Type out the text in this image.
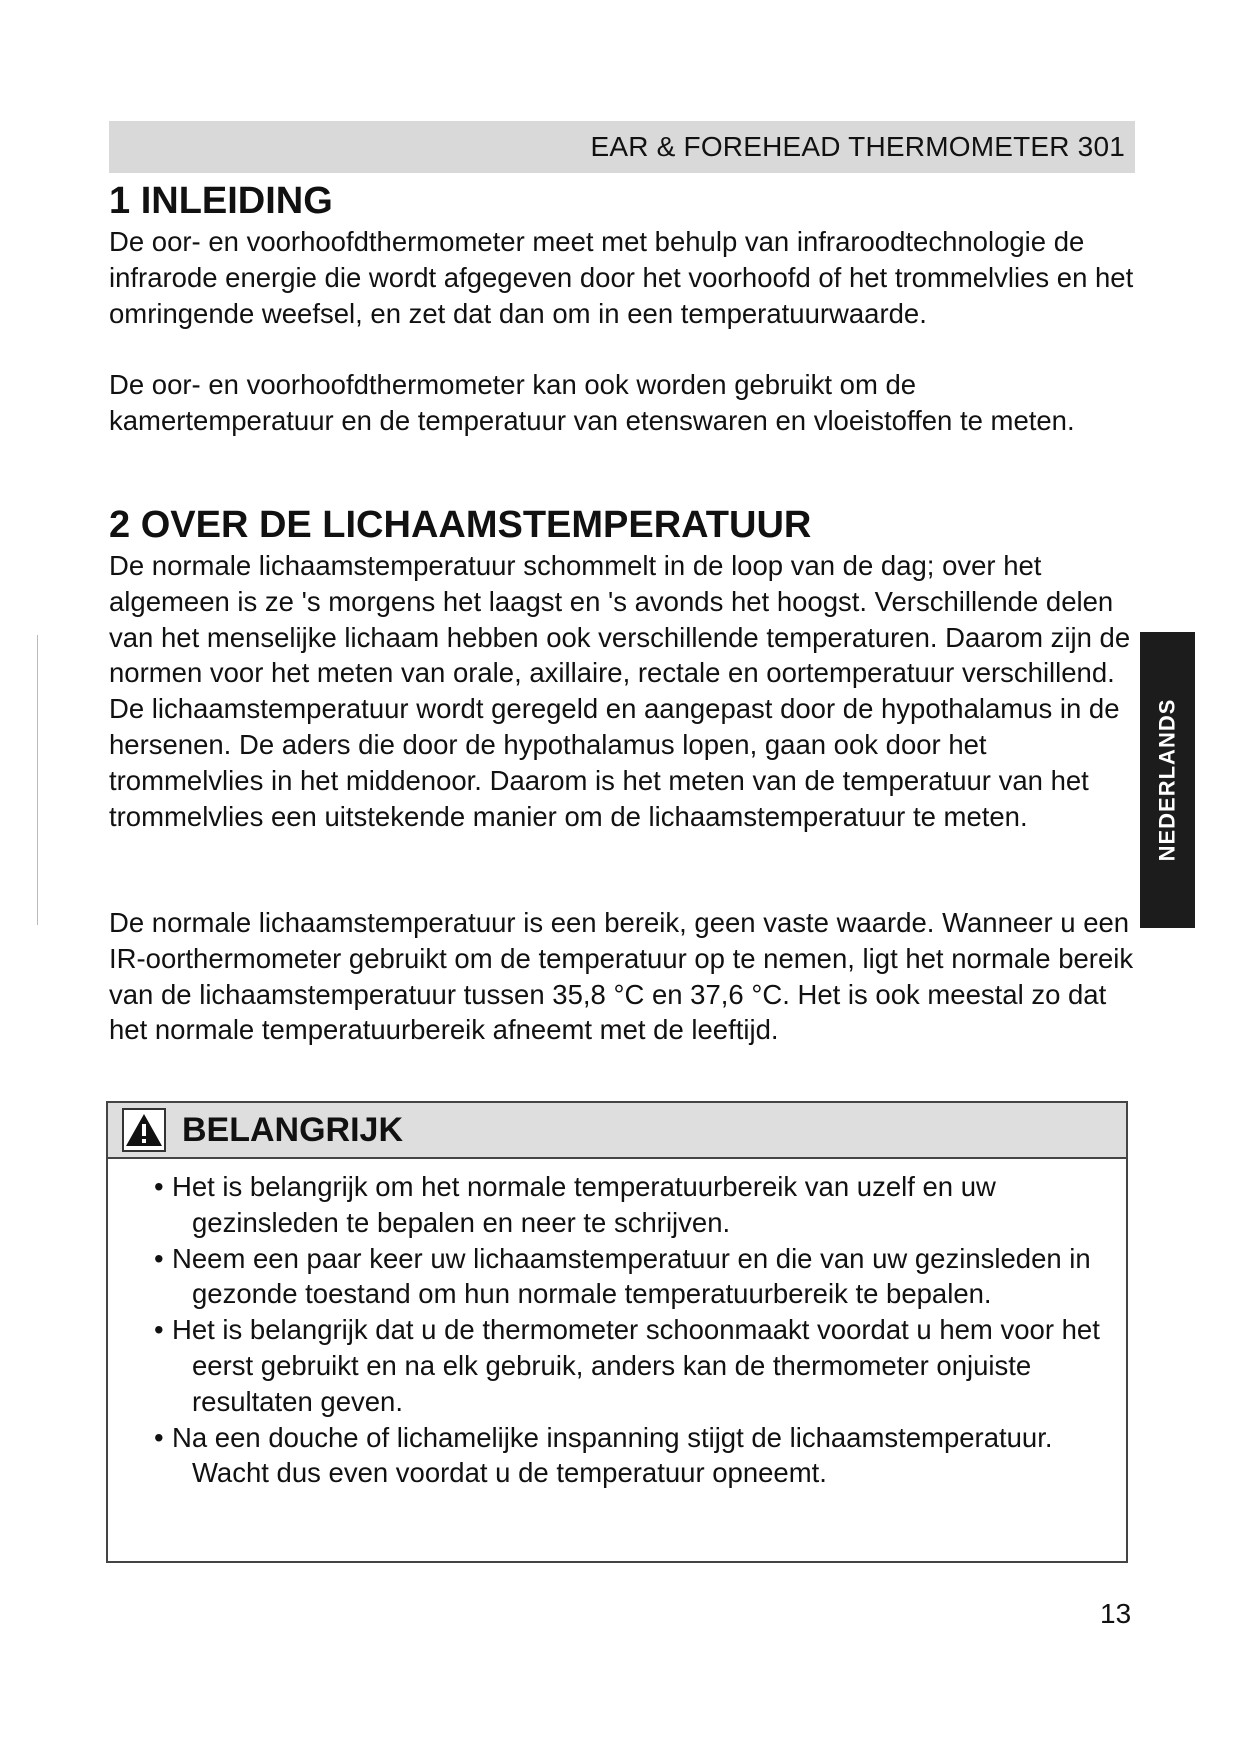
EAR & FOREHEAD THERMOMETER 301
1 INLEIDING

De oor- en voorhoofdthermometer meet met behulp van infraroodtechnologie de infrarode energie die wordt afgegeven door het voorhoofd of het trommelvlies en het omringende weefsel, en zet dat dan om in een temperatuurwaarde.

De oor- en voorhoofdthermometer kan ook worden gebruikt om de kamertemperatuur en de temperatuur van etenswaren en vloeistoffen te meten.

2 OVER DE LICHAAMSTEMPERATUUR

De normale lichaamstemperatuur schommelt in de loop van de dag; over het algemeen is ze 's morgens het laagst en 's avonds het hoogst. Verschillende delen van het menselijke lichaam hebben ook verschillende temperaturen. Daarom zijn de normen voor het meten van orale, axillaire, rectale en oortemperatuur verschillend. De lichaamstemperatuur wordt geregeld en aangepast door de hypothalamus in de hersenen. De aders die door de hypothalamus lopen, gaan ook door het trommelvlies in het middenoor. Daarom is het meten van de temperatuur van het trommelvlies een uitstekende manier om de lichaamstemperatuur te meten.

De normale lichaamstemperatuur is een bereik, geen vaste waarde. Wanneer u een IR-oorthermometer gebruikt om de temperatuur op te nemen, ligt het normale bereik van de lichaamstemperatuur tussen 35,8 °C en 37,6 °C. Het is ook meestal zo dat het normale temperatuurbereik afneemt met de leeftijd.

NEDERLANDS
BELANGRIJK
• Het is belangrijk om het normale temperatuurbereik van uzelf en uw gezinsleden te bepalen en neer te schrijven.
• Neem een paar keer uw lichaamstemperatuur en die van uw gezinsleden in gezonde toestand om hun normale temperatuurbereik te bepalen.
• Het is belangrijk dat u de thermometer schoonmaakt voordat u hem voor het eerst gebruikt en na elk gebruik, anders kan de thermometer onjuiste resultaten geven.
• Na een douche of lichamelijke inspanning stijgt de lichaamstemperatuur. Wacht dus even voordat u de temperatuur opneemt.
13
